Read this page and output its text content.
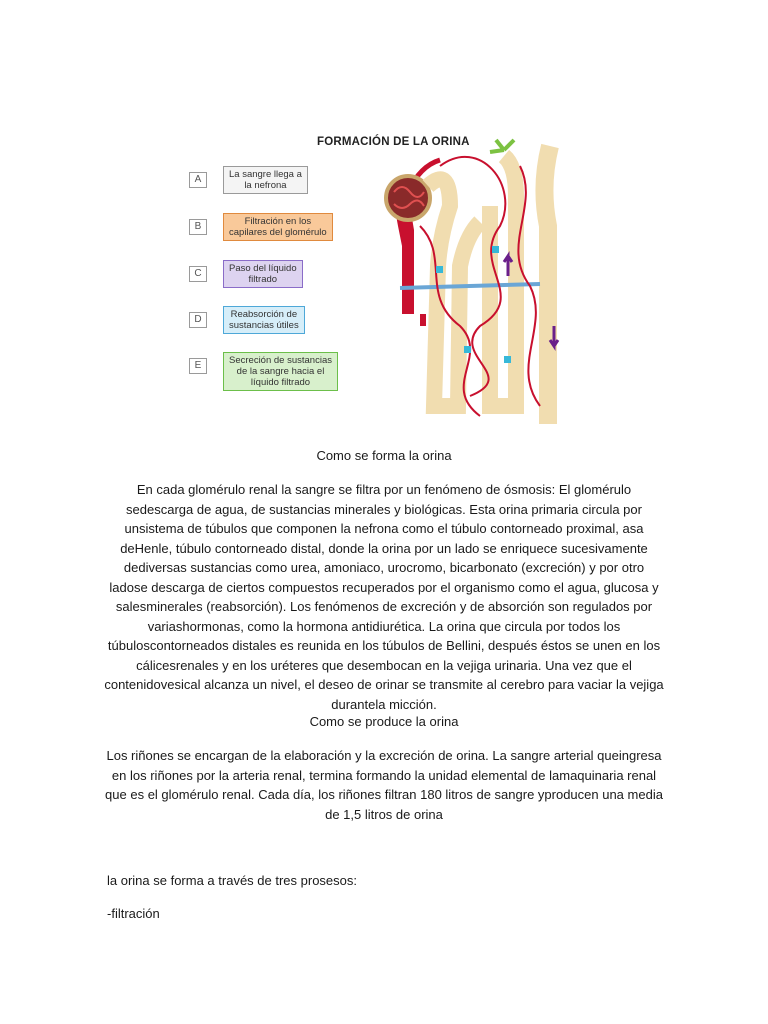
FORMACIÓN DE LA ORINA
A	La sangre llega a
la nefrona
B	Filtración en los
capilares del glomérulo
C	Paso del líquido
filtrado
D	Reabsorción de
sustancias útiles
E	Secreción de sustancias
de la sangre hacia el
líquido filtrado
Como se forma la orina
En cada glomérulo renal la sangre se filtra por un fenómeno de ósmosis: El glomérulo sedescarga de agua, de sustancias minerales y biológicas. Esta orina primaria circula por unsistema de túbulos que componen la nefrona como el túbulo contorneado proximal, asa deHenle, túbulo contorneado distal, donde la orina por un lado se enriquece sucesivamente dediversas sustancias como urea, amoniaco, urocromo, bicarbonato (excreción) y por otro ladose descarga de ciertos compuestos recuperados por el organismo como el agua, glucosa y salesminerales (reabsorción). Los fenómenos de excreción y de absorción son regulados por variashormonas, como la hormona antidiurética. La orina que circula por todos los túbuloscontorneados distales es reunida en los túbulos de Bellini, después éstos se unen en los cálicesrenales y en los uréteres que desembocan en la vejiga urinaria. Una vez que el contenidovesical alcanza un nivel, el deseo de orinar se transmite al cerebro para vaciar la vejiga durantela micción.
Como se produce la orina
Los riñones se encargan de la elaboración y la excreción de orina. La sangre arterial queingresa en los riñones por la arteria renal, termina formando la unidad elemental de lamaquinaria renal que es el glomérulo renal. Cada día, los riñones filtran 180 litros de sangre yproducen una media de 1,5 litros de orina
la orina se forma a través de tres prosesos:
-filtración
